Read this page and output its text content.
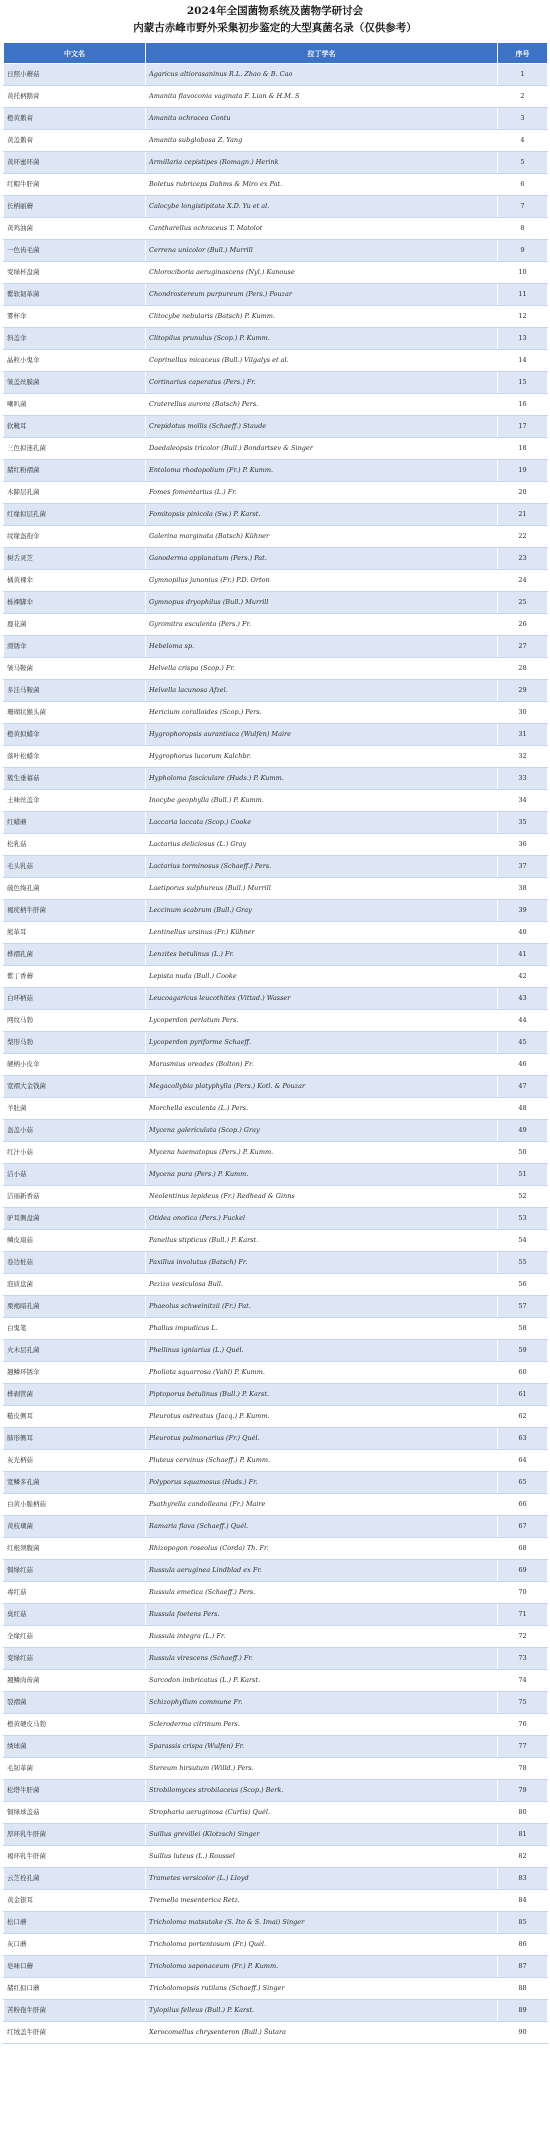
2024年全国菌物系统及菌物学研讨会
内蒙古赤峰市野外采集初步鉴定的大型真菌名录（仅供参考）
中文名	拉丁学名	序号
日照小蘑菇	Agaricus altiorasaninus R.L. Zhao & B. Cao	1
黄托柄鹅膏	Amanita flavoconia vaginata F. Lian & H.M. S	2
橙黄鹅膏	Amanita ochracea Contu	3
黄盖鹅膏	Amanita subglobosa Z. Yang	4
黄环蜜环菌	Armillaria cepistipes (Romagn.) Herink	5
红帽牛肝菌	Boletus rubriceps Dahms & Miro ex Pat.	6
长柄丽蘑	Calocybe longistipitata X.D. Yu et al.	7
黄鸡油菌	Cantharellus ochraceus T. Matolot	8
一色齿毛菌	Cerrena unicolor (Bull.) Murrill	9
变绿杯盘菌	Chlorociboria aeruginascens (Nyl.) Kanouse	10
紫软韧革菌	Chondrostereum purpureum (Pers.) Pouzar	11
雾杯伞	Clitocybe nebularis (Batsch) P. Kumm.	12
斜盖伞	Clitopilus prunulus (Scop.) P. Kumm.	13
晶粒小鬼伞	Coprinellus micaceus (Bull.) Vilgalys et al.	14
皱盖丝膜菌	Cortinarius caperatus (Pers.) Fr.	15
喇叭菌	Craterellus aurora (Batsch) Pers.	16
软靴耳	Crepidotus mollis (Schaeff.) Staude	17
三色拟迷孔菌	Daedaleopsis tricolor (Bull.) Bondartsev & Singer	18
赭红粉褶菌	Entoloma rhodopolium (Fr.) P. Kumm.	19
木蹄层孔菌	Fomes fomentarius (L.) Fr.	20
红缘拟层孔菌	Fomitopsis pinicola (Sw.) P. Karst.	21
纹缘盔孢伞	Galerina marginata (Batsch) Kühner	22
树舌灵芝	Ganoderma applanatum (Pers.) Pat.	23
橘黄裸伞	Gymnopilus junonius (Fr.) P.D. Orton	24
栎裸脚伞	Gymnopus dryophilus (Bull.) Murrill	25
鹿花菌	Gyromitra esculenta (Pers.) Fr.	26
滑锈伞	Hebeloma sp.	27
皱马鞍菌	Helvella crispa (Scop.) Fr.	28
多洼马鞍菌	Helvella lacunosa Afzel.	29
珊瑚状猴头菌	Hericium coralloides (Scop.) Pers.	30
橙黄拟蜡伞	Hygrophoropsis aurantiaca (Wulfen) Maire	31
落叶松蜡伞	Hygrophorus lucorum Kalchbr.	32
簇生垂幕菇	Hypholoma fasciculare (Huds.) P. Kumm.	33
土味丝盖伞	Inocybe geophylla (Bull.) P. Kumm.	34
红蜡蘑	Laccaria laccata (Scop.) Cooke	35
松乳菇	Lactarius deliciosus (L.) Gray	36
毛头乳菇	Lactarius torminosus (Schaeff.) Pers.	37
硫色绚孔菌	Laetiporus sulphureus (Bull.) Murrill	38
褐疣柄牛肝菌	Leccinum scabrum (Bull.) Gray	39
熊革耳	Lentinellus ursinus (Fr.) Kühner	40
桦褶孔菌	Lenzites betulinus (L.) Fr.	41
紫丁香蘑	Lepista nuda (Bull.) Cooke	42
白环柄菇	Leucoagaricus leucothites (Vittad.) Wasser	43
网纹马勃	Lycoperdon perlatum Pers.	44
梨形马勃	Lycoperdon pyriforme Schaeff.	45
硬柄小皮伞	Marasmius oreades (Bolton) Fr.	46
宽褶大金钱菌	Megacollybia platyphylla (Pers.) Kotl. & Pouzar	47
羊肚菌	Morchella esculenta (L.) Pers.	48
盔盖小菇	Mycena galericulata (Scop.) Gray	49
红汁小菇	Mycena haematopus (Pers.) P. Kumm.	50
洁小菇	Mycena pura (Pers.) P. Kumm.	51
洁丽新香菇	Neolentinus lepideus (Fr.) Redhead & Ginns	52
驴耳侧盘菌	Otidea onotica (Pers.) Fuckel	53
鳞皮扇菇	Panellus stipticus (Bull.) P. Karst.	54
卷边桩菇	Paxillus involutus (Batsch) Fr.	55
泡质盘菌	Peziza vesiculosa Bull.	56
栗褐暗孔菌	Phaeolus schweinitzii (Fr.) Pat.	57
白鬼笔	Phallus impudicus L.	58
火木层孔菌	Phellinus igniarius (L.) Quél.	59
翘鳞环锈伞	Pholiota squarrosa (Vahl) P. Kumm.	60
桦剥管菌	Piptoporus betulinus (Bull.) P. Karst.	61
糙皮侧耳	Pleurotus ostreatus (Jacq.) P. Kumm.	62
肺形侧耳	Pleurotus pulmonarius (Fr.) Quél.	63
灰光柄菇	Pluteus cervinus (Schaeff.) P. Kumm.	64
宽鳞多孔菌	Polyporus squamosus (Huds.) Fr.	65
白黄小脆柄菇	Psathyrella candolleana (Fr.) Maire	66
黄枝瑚菌	Ramaria flava (Schaeff.) Quél.	67
红根须腹菌	Rhizopogon roseolus (Corda) Th. Fr.	68
铜绿红菇	Russula aeruginea Lindblad ex Fr.	69
毒红菇	Russula emetica (Schaeff.) Pers.	70
臭红菇	Russula foetens Pers.	71
全缘红菇	Russula integra (L.) Fr.	72
变绿红菇	Russula virescens (Schaeff.) Fr.	73
翘鳞肉齿菌	Sarcodon imbricatus (L.) P. Karst.	74
裂褶菌	Schizophyllum commune Fr.	75
橙黄硬皮马勃	Scleroderma citrinum Pers.	76
绣球菌	Sparassis crispa (Wulfen) Fr.	77
毛韧革菌	Stereum hirsutum (Willd.) Pers.	78
松塔牛肝菌	Strobilomyces strobilaceus (Scop.) Berk.	79
铜绿球盖菇	Stropharia aeruginosa (Curtis) Quél.	80
厚环乳牛肝菌	Suillus grevillei (Klotzsch) Singer	81
褐环乳牛肝菌	Suillus luteus (L.) Roussel	82
云芝栓孔菌	Trametes versicolor (L.) Lloyd	83
黄金银耳	Tremella mesenterica Retz.	84
松口蘑	Tricholoma matsutake (S. Ito & S. Imai) Singer	85
灰口蘑	Tricholoma portentosum (Fr.) Quél.	86
皂味口蘑	Tricholoma saponaceum (Fr.) P. Kumm.	87
赭红拟口蘑	Tricholomopsis rutilans (Schaeff.) Singer	88
苦粉孢牛肝菌	Tylopilus felleus (Bull.) P. Karst.	89
红绒盖牛肝菌	Xerocomellus chrysenteron (Bull.) Šutara	90
